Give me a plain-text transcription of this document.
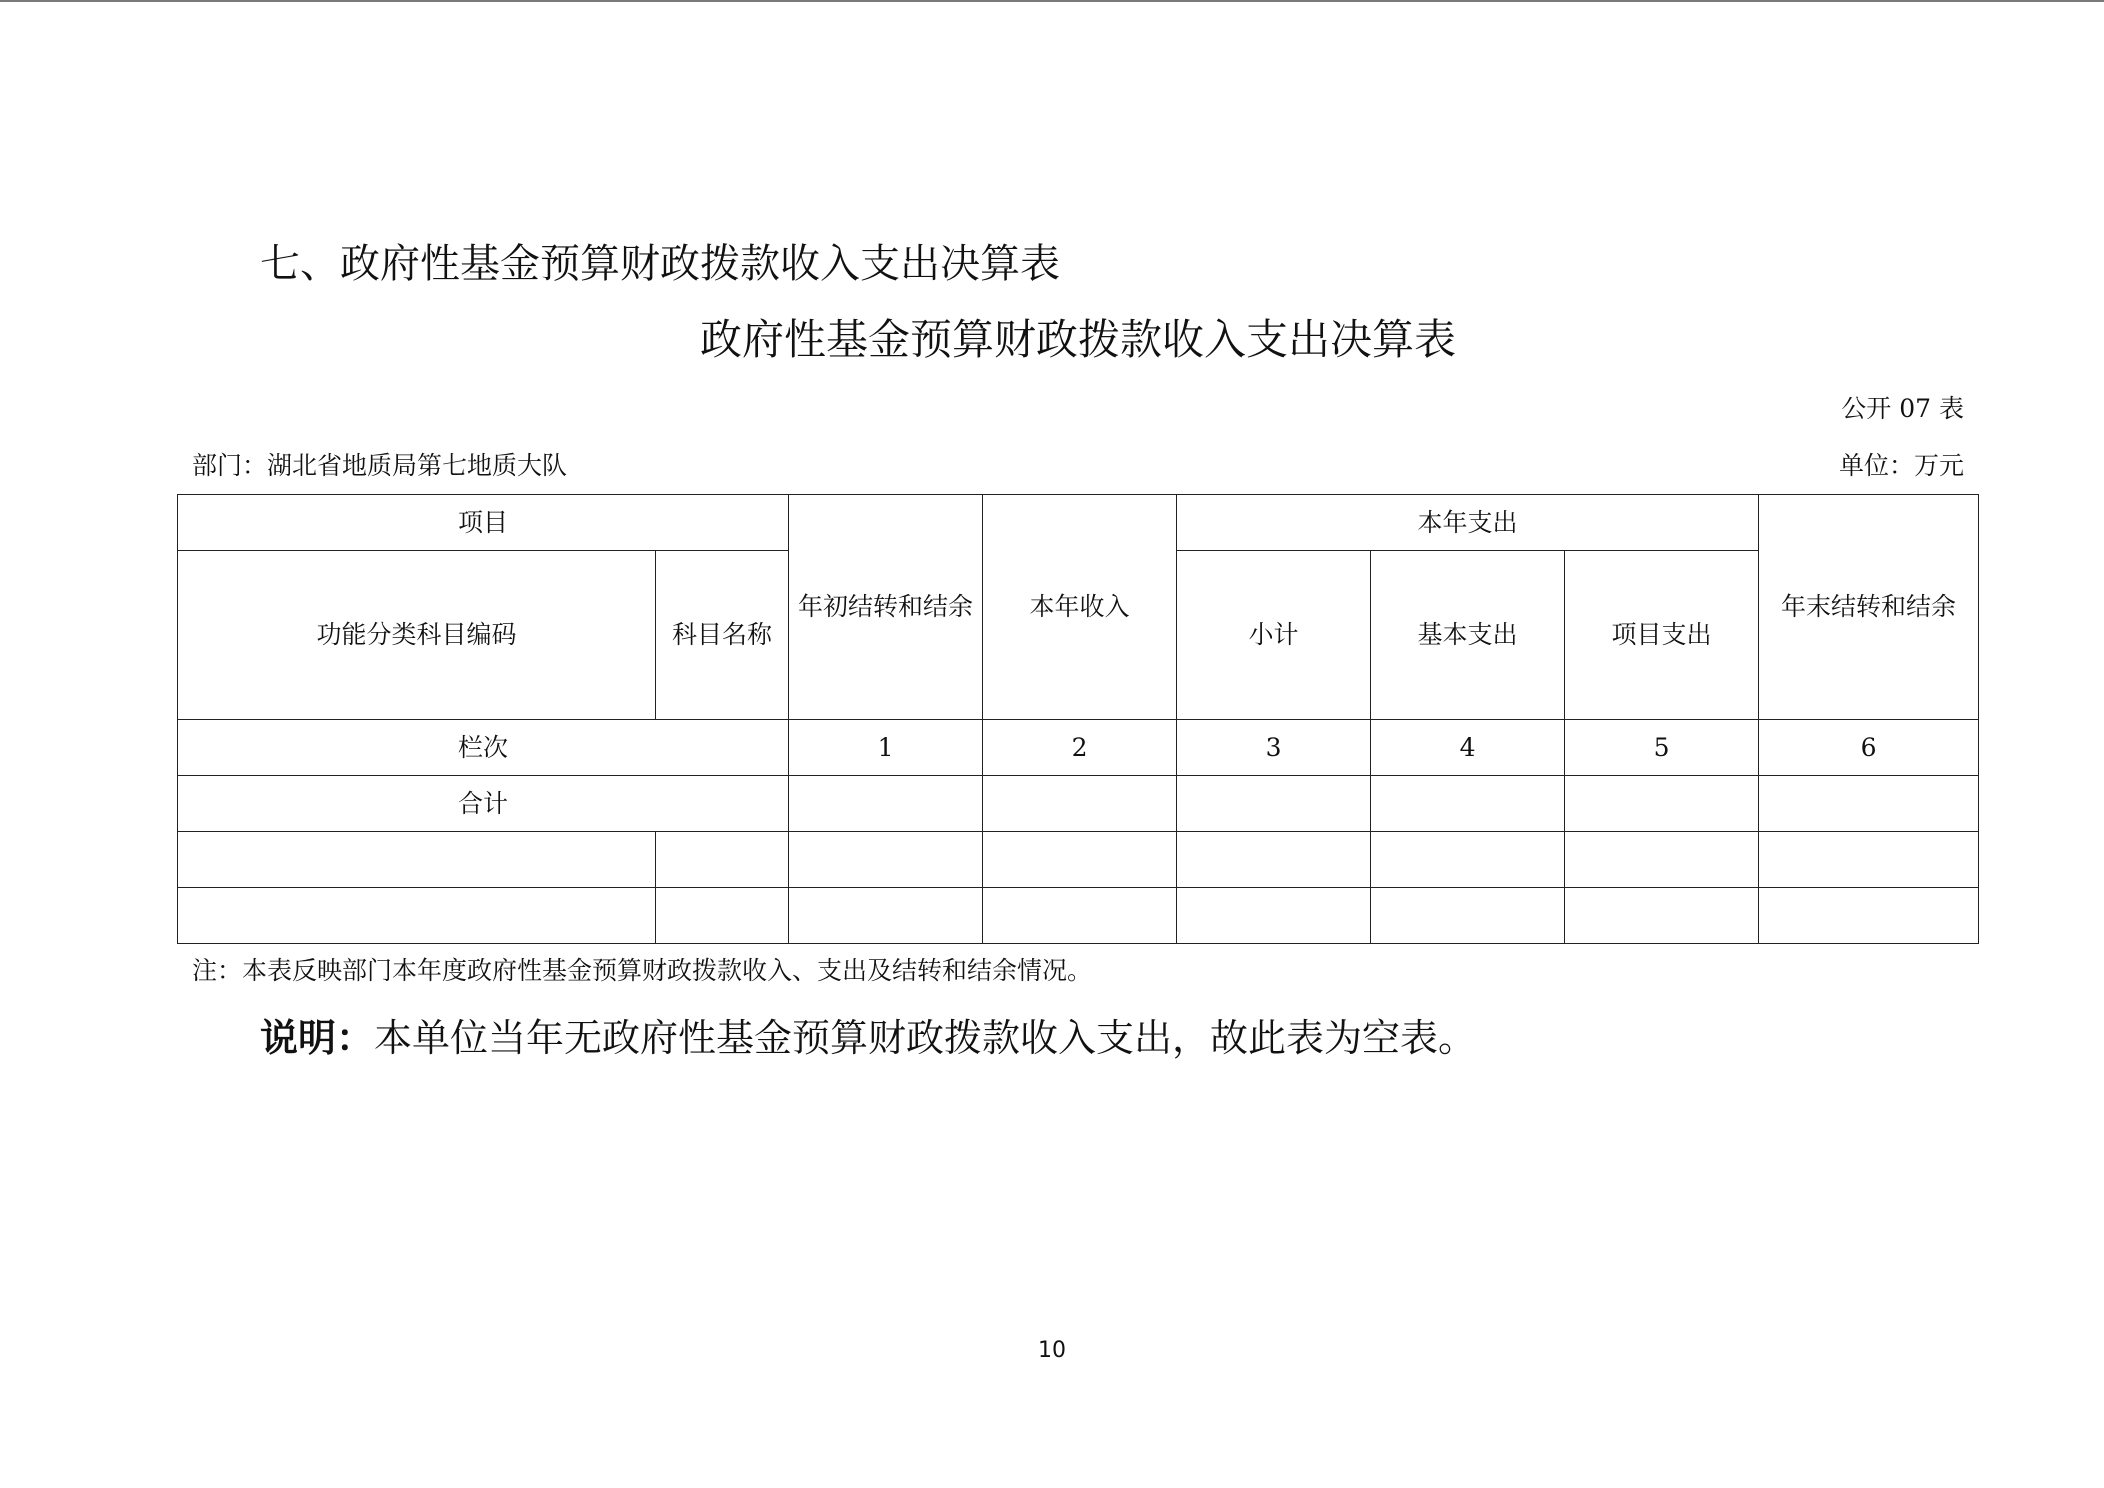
七、政府性基金预算财政拨款收入支出决算表
政府性基金预算财政拨款收入支出决算表
公开 07 表
部门：湖北省地质局第七地质大队	单位：万元
项目		年初结转和结余	本年收入	本年支出			年末结转和结余
功能分类科目编码	科目名称			小计	基本支出	项目支出	
栏次		1	2	3	4	5	6
合计							

注：本表反映部门本年度政府性基金预算财政拨款收入、支出及结转和结余情况。
说明：本单位当年无政府性基金预算财政拨款收入支出，故此表为空表。
10
